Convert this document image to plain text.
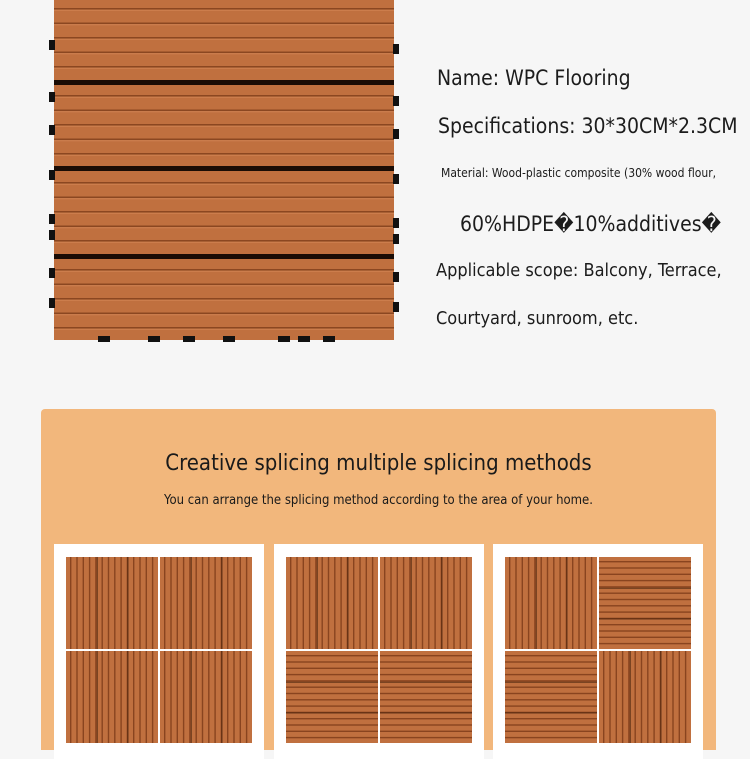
Name: WPC Flooring
Specifications: 30*30CM*2.3CM
Material: Wood-plastic composite (30% wood flour,
60%HDPE�10%additives�
Applicable scope: Balcony, Terrace,
Courtyard, sunroom, etc.
Creative splicing multiple splicing methods
You can arrange the splicing method according to the area of your home.
